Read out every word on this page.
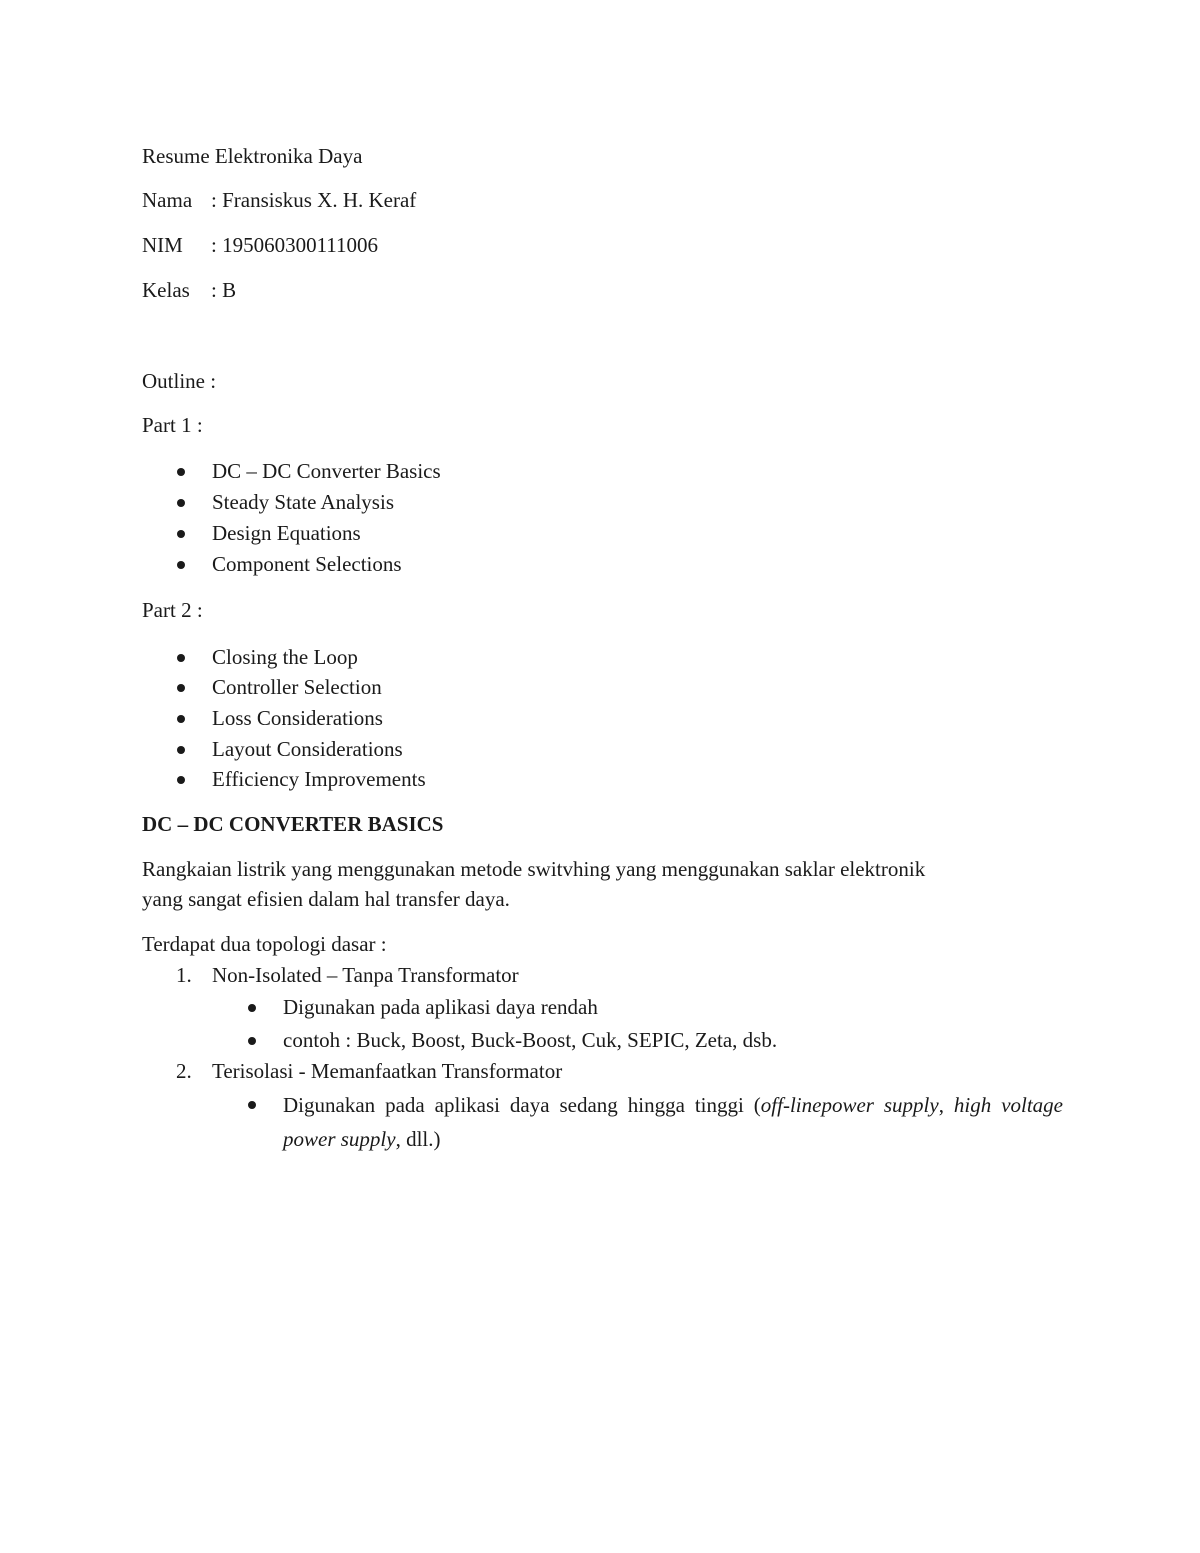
Resume Elektronika Daya
Nama : Fransiskus X. H. Keraf
NIM : 195060300111006
Kelas : B
Outline :
Part 1 :
DC – DC Converter Basics
Steady State Analysis
Design Equations
Component Selections
Part 2 :
Closing the Loop
Controller Selection
Loss Considerations
Layout Considerations
Efficiency Improvements
DC – DC CONVERTER BASICS
Rangkaian listrik yang menggunakan metode switvhing yang menggunakan saklar elektronik
yang sangat efisien dalam hal transfer daya.
Terdapat dua topologi dasar :
1. Non-Isolated – Tanpa Transformator
Digunakan pada aplikasi daya rendah
contoh : Buck, Boost, Buck-Boost, Cuk, SEPIC, Zeta, dsb.
2. Terisolasi - Memanfaatkan Transformator
Digunakan pada aplikasi daya sedang hingga tinggi (off-linepower supply, high voltage power supply, dll.)
